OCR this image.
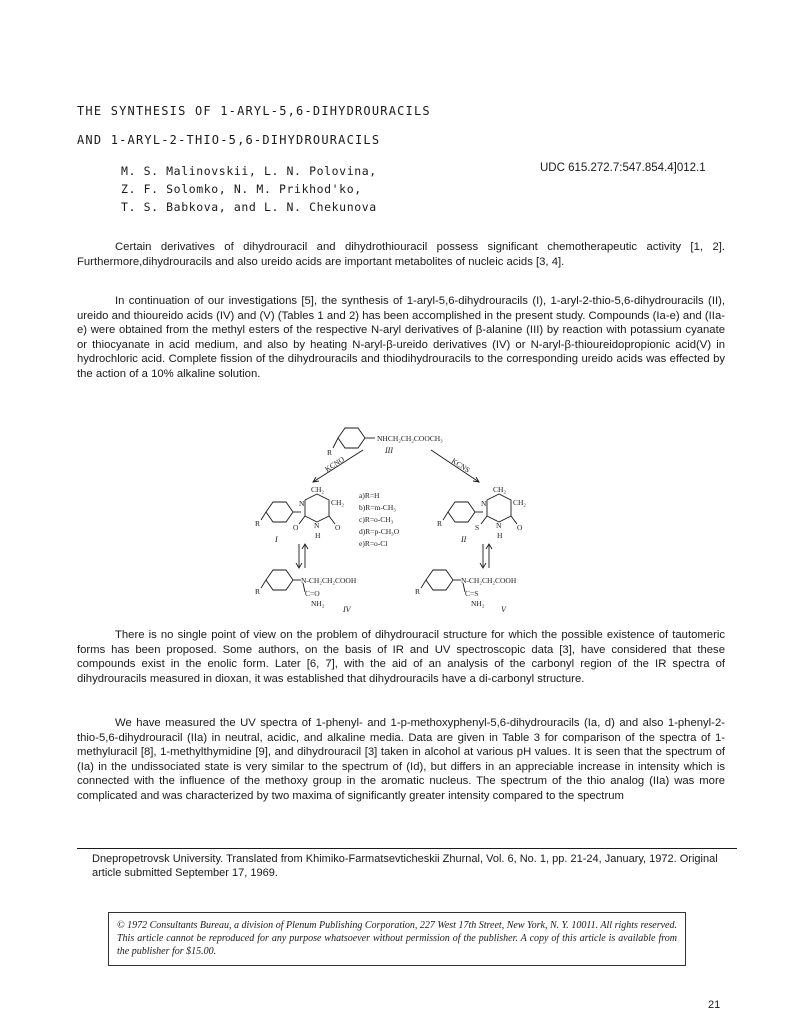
THE SYNTHESIS OF 1-ARYL-5,6-DIHYDROURACILS
AND 1-ARYL-2-THIO-5,6-DIHYDROURACILS
M. S. Malinovskii, L. N. Polovina,
Z. F. Solomko, N. M. Prikhod'ko,
T. S. Babkova, and L. N. Chekunova
UDC 615.272.7:547.854.4]012.1

Certain derivatives of dihydrouracil and dihydrothiouracil possess significant chemotherapeutic activity [1, 2]. Furthermore,dihydrouracils and also ureido acids are important metabolites of nucleic acids [3, 4].

In continuation of our investigations [5], the synthesis of 1-aryl-5,6-dihydrouracils (I), 1-aryl-2-thio-5,6-dihydrouracils (II), ureido and thioureido acids (IV) and (V) (Tables 1 and 2) has been accomplished in the present study. Compounds (Ia-e) and (IIa-e) were obtained from the methyl esters of the respective N-aryl derivatives of β-alanine (III) by reaction with potassium cyanate or thiocyanate in acid medium, and also by heating N-aryl-β-ureido derivatives (IV) or N-aryl-β-thioureidopropionic acid(V) in hydrochloric acid. Complete fission of the dihydrouracils and thiodihydrouracils to the corresponding ureido acids was effected by the action of a 10% alkaline solution.

NHCH₂CH₂COOCH₃
R	III
KCNO	KCNS
CH₂
CH₂
N
R	O	O
N
H
I
a)R=H
b)R=m-CH₃
c)R=o-CH₃
d)R=p-CH₃O
e)R=o-Cl
CH₂
CH₂
N
R	S	O
N
H
II
N-CH₂CH₂COOH
R	C=O
NH₂
IV
N-CH₂CH₂COOH
R	C=S
NH₂
V

There is no single point of view on the problem of dihydrouracil structure for which the possible existence of tautomeric forms has been proposed. Some authors, on the basis of IR and UV spectroscopic data [3], have considered that these compounds exist in the enolic form. Later [6, 7], with the aid of an analysis of the carbonyl region of the IR spectra of dihydrouracils measured in dioxan, it was established that dihydrouracils have a di-carbonyl structure.

We have measured the UV spectra of 1-phenyl- and 1-p-methoxyphenyl-5,6-dihydrouracils (Ia, d) and also 1-phenyl-2-thio-5,6-dihydrouracil (IIa) in neutral, acidic, and alkaline media. Data are given in Table 3 for comparison of the spectra of 1-methyluracil [8], 1-methylthymidine [9], and dihydrouracil [3] taken in alcohol at various pH values. It is seen that the spectrum of (Ia) in the undissociated state is very similar to the spectrum of (Id), but differs in an appreciable increase in intensity which is connected with the influence of the methoxy group in the aromatic nucleus. The spectrum of the thio analog (IIa) was more complicated and was characterized by two maxima of significantly greater intensity compared to the spectrum

Dnepropetrovsk University. Translated from Khimiko-Farmatsevticheskii Zhurnal, Vol. 6, No. 1, pp. 21-24, January, 1972. Original article submitted September 17, 1969.

© 1972 Consultants Bureau, a division of Plenum Publishing Corporation, 227 West 17th Street, New York, N. Y. 10011. All rights reserved. This article cannot be reproduced for any purpose whatsoever without permission of the publisher. A copy of this article is available from the publisher for $15.00.

21
